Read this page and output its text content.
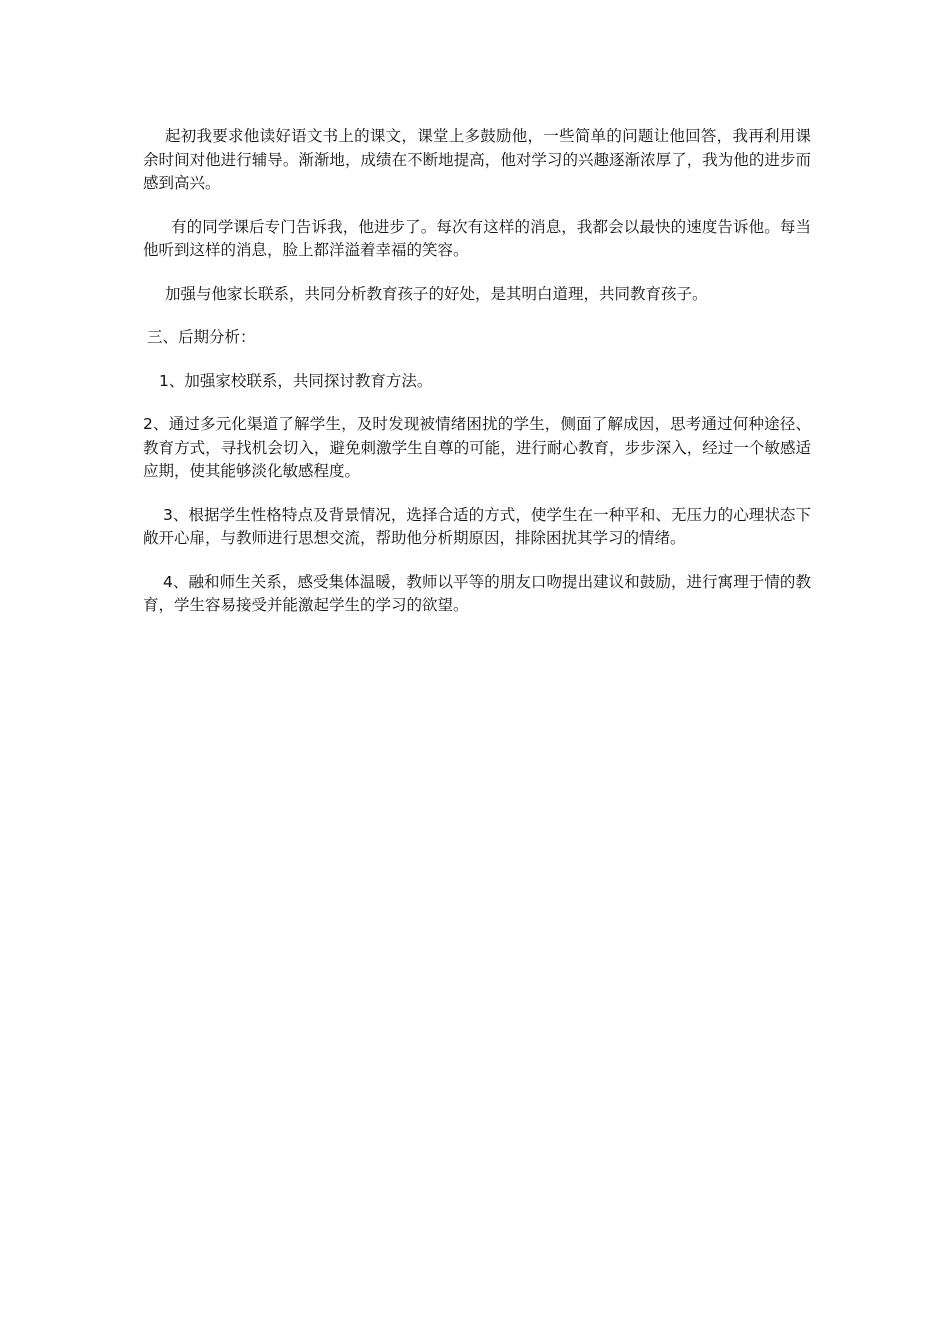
起初我要求他读好语文书上的课文，课堂上多鼓励他，一些简单的问题让他回答，我再利用课余时间对他进行辅导。渐渐地，成绩在不断地提高，他对学习的兴趣逐渐浓厚了，我为他的进步而感到高兴。

有的同学课后专门告诉我，他进步了。每次有这样的消息，我都会以最快的速度告诉他。每当他听到这样的消息，脸上都洋溢着幸福的笑容。

加强与他家长联系，共同分析教育孩子的好处，是其明白道理，共同教育孩子。

三、后期分析：

1、加强家校联系，共同探讨教育方法。

2、通过多元化渠道了解学生，及时发现被情绪困扰的学生，侧面了解成因，思考通过何种途径、教育方式，寻找机会切入，避免刺激学生自尊的可能，进行耐心教育，步步深入，经过一个敏感适应期，使其能够淡化敏感程度。

3、根据学生性格特点及背景情况，选择合适的方式，使学生在一种平和、无压力的心理状态下敞开心扉，与教师进行思想交流，帮助他分析期原因，排除困扰其学习的情绪。

4、融和师生关系，感受集体温暖，教师以平等的朋友口吻提出建议和鼓励，进行寓理于情的教育，学生容易接受并能激起学生的学习的欲望。
